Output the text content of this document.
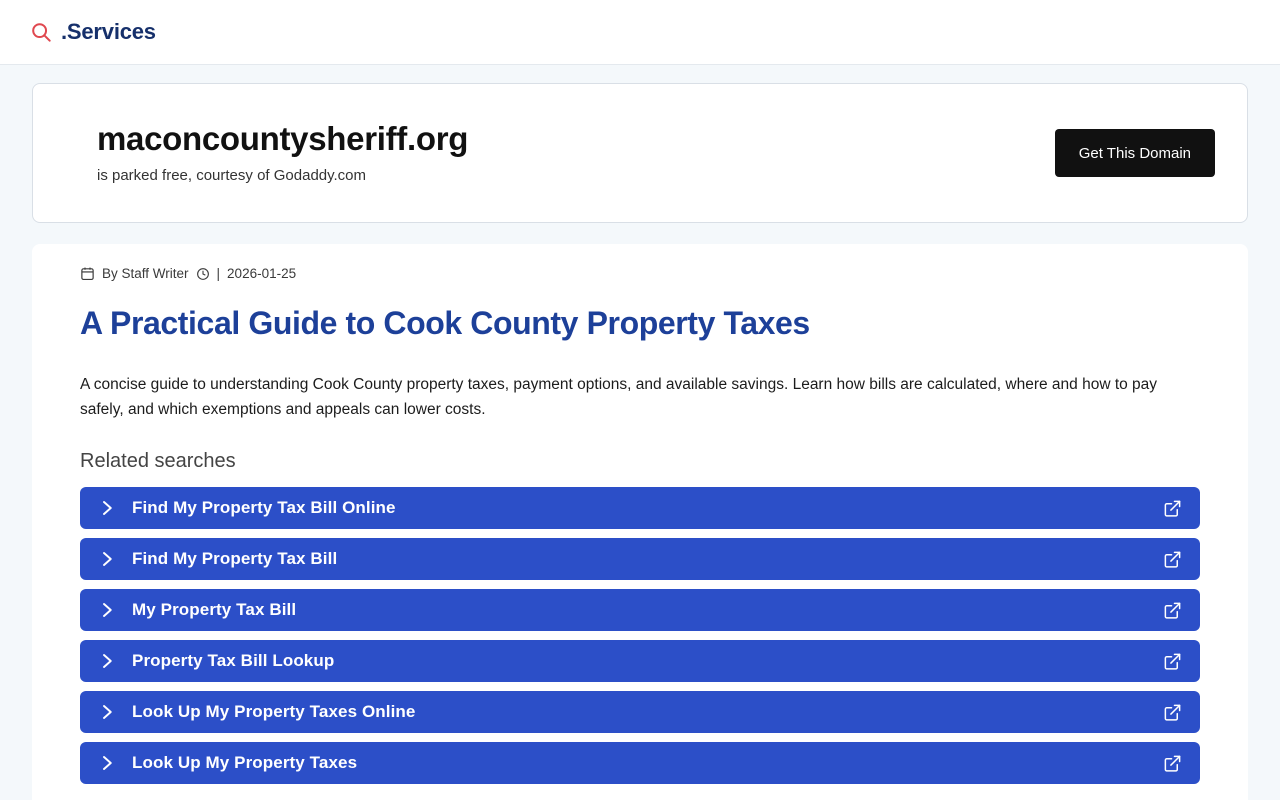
.Services
maconcountysheriff.org
is parked free, courtesy of Godaddy.com
Get This Domain
By Staff Writer | 2026-01-25
A Practical Guide to Cook County Property Taxes

A concise guide to understanding Cook County property taxes, payment options, and available savings. Learn how bills are calculated, where and how to pay safely, and which exemptions and appeals can lower costs.

Related searches
Find My Property Tax Bill Online
Find My Property Tax Bill
My Property Tax Bill
Property Tax Bill Lookup
Look Up My Property Taxes Online
Look Up My Property Taxes
